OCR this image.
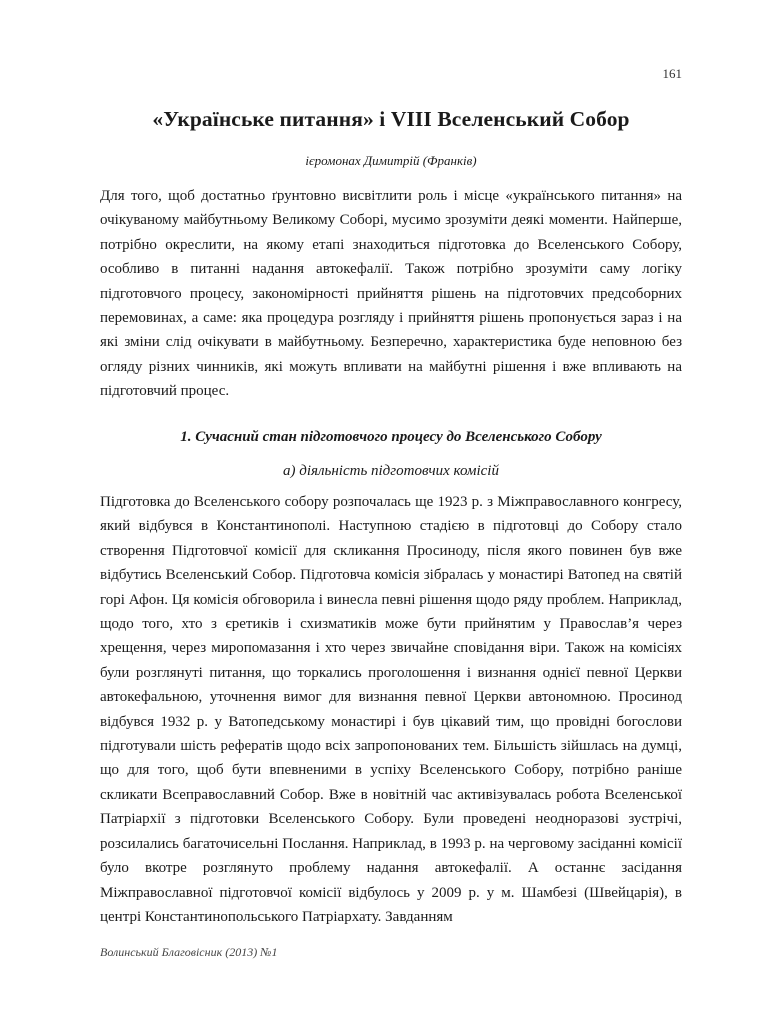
161
«Українське питання» і VIII Вселенський Собор
ієромонах Димитрій (Франків)

Для того, щоб достатньо ґрунтовно висвітлити роль і місце «українського питання» на очікуваному майбутньому Великому Соборі, мусимо зрозуміти деякі моменти. Найперше, потрібно окреслити, на якому етапі знаходиться підготовка до Вселенського Собору, особливо в питанні надання автокефалії. Також потрібно зрозуміти саму логіку підготовчого процесу, закономірності прийняття рішень на підготовчих предсоборних перемовинах, а саме: яка процедура розгляду і прийняття рішень пропонується зараз і на які зміни слід очікувати в майбутньому. Безперечно, характеристика буде неповною без огляду різних чинників, які можуть впливати на майбутні рішення і вже впливають на підготовчий процес.

1. Сучасний стан підготовчого процесу до Вселенського Собору
а) діяльність підготовчих комісій

Підготовка до Вселенського собору розпочалась ще 1923 р. з Міжправославного конгресу, який відбувся в Константинополі. Наступною стадією в підготовці до Собору стало створення Підготовчої комісії для скликання Просиноду, після якого повинен був вже відбутись Вселенський Собор. Підготовча комісія зібралась у монастирі Ватопед на святій горі Афон. Ця комісія обговорила і винесла певні рішення щодо ряду проблем. Наприклад, щодо того, хто з єретиків і схизматиків може бути прийнятим у Православ’я через хрещення, через миропомазання і хто через звичайне сповідання віри. Також на комісіях були розглянуті питання, що торкались проголошення і визнання однієї певної Церкви автокефальною, уточнення вимог для визнання певної Церкви автономною. Просинод відбувся 1932 р. у Ватопедському монастирі і був цікавий тим, що провідні богослови підготували шість рефератів щодо всіх запропонованих тем. Більшість зійшлась на думці, що для того, щоб бути впевненими в успіху Вселенського Собору, потрібно раніше скликати Всеправославний Собор. Вже в новітній час активізувалась робота Вселенської Патріархії з підготовки Вселенського Собору. Були проведені неодноразові зустрічі, розсилались багаточисельні Послання. Наприклад, в 1993 р. на черговому засіданні комісії було вкотре розглянуто проблему надання автокефалії. А останнє засідання Міжправославної підготовчої комісії відбулось у 2009 р. у м. Шамбезі (Швейцарія), в центрі Константинопольського Патріархату. Завданням

Волинський Благовісник (2013) №1
